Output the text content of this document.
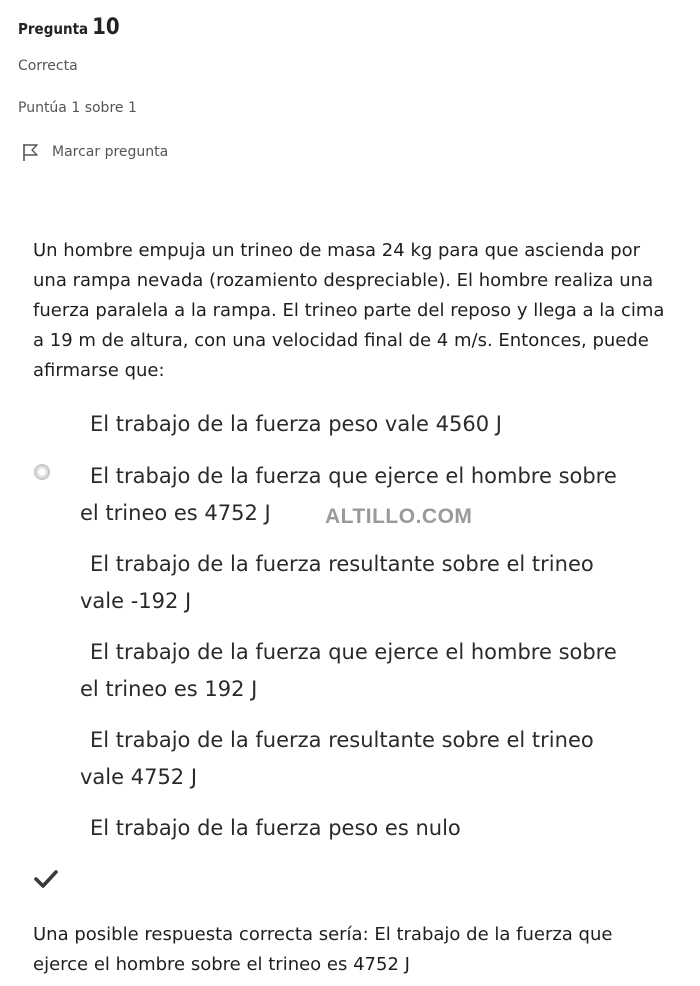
Pregunta 10
Correcta
Puntúa 1 sobre 1
Marcar pregunta
Un hombre empuja un trineo de masa 24 kg para que ascienda por una rampa nevada (rozamiento despreciable). El hombre realiza una fuerza paralela a la rampa. El trineo parte del reposo y llega a la cima a 19 m de altura, con una velocidad final de 4 m/s. Entonces, puede afirmarse que:
El trabajo de la fuerza peso vale 4560 J
El trabajo de la fuerza que ejerce el hombre sobre
el trineo es 4752 J
El trabajo de la fuerza resultante sobre el trineo
vale -192 J
El trabajo de la fuerza que ejerce el hombre sobre
el trineo es 192 J
El trabajo de la fuerza resultante sobre el trineo
vale 4752 J
El trabajo de la fuerza peso es nulo
ALTILLO.COM
Una posible respuesta correcta sería: El trabajo de la fuerza que ejerce el hombre sobre el trineo es 4752 J
